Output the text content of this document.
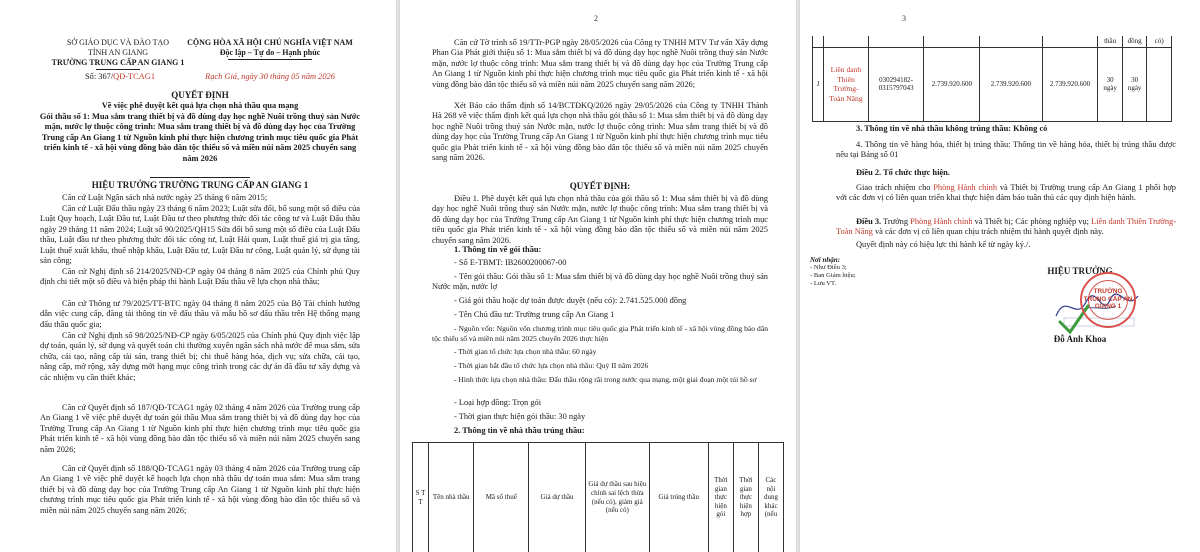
SỞ GIÁO DỤC VÀ ĐÀO TẠO
TỈNH AN GIANG
TRƯỜNG TRUNG CẤP AN GIANG 1
Số: 367/QĐ-TCAG1
CỘNG HÒA XÃ HỘI CHỦ NGHĨA VIỆT NAM
Độc lập – Tự do – Hạnh phúc
Rạch Giá, ngày 30 tháng 05 năm 2026
QUYẾT ĐỊNH
Về việc phê duyệt kết quả lựa chọn nhà thầu qua mạng
Gói thầu số 1: Mua sắm trang thiết bị và đồ dùng dạy học nghề Nuôi trồng thuỷ sản Nước mặn, nước lợ thuộc công trình: Mua sắm trang thiết bị và đồ dùng dạy học của Trường Trung cấp An Giang 1 từ Nguồn kinh phí thực hiện chương trình mục tiêu quốc gia Phát triển kinh tế - xã hội vùng đồng bào dân tộc thiểu số và miền núi năm 2025 chuyển sang năm 2026
HIỆU TRƯỞNG TRƯỜNG TRUNG CẤP AN GIANG 1
Căn cứ Luật Ngân sách nhà nước ngày 25 tháng 6 năm 2015;
Căn cứ Luật Đấu thầu ngày 23 tháng 6 năm 2023; Luật sửa đổi, bổ sung một số điều của Luật Quy hoạch, Luật Đầu tư, Luật Đầu tư theo phương thức đối tác công tư và Luật Đấu thầu ngày 29 tháng 11 năm 2024; Luật số 90/2025/QH15 Sửa đổi bổ sung một số điều của Luật Đấu thầu, Luật đầu tư theo phương thức đối tác công tư, Luật Hải quan, Luật thuế giá trị gia tăng, Luật thuế xuất khẩu, thuế nhập khẩu, Luật Đầu tư, Luật Đầu tư công, Luật quản lý, sử dụng tài sản công;
Căn cứ Nghị định số 214/2025/NĐ-CP ngày 04 tháng 8 năm 2025 của Chính phủ Quy định chi tiết một số điều và biện pháp thi hành Luật Đấu thầu về lựa chọn nhà thầu;
Căn cứ Thông tư 79/2025/TT-BTC ngày 04 tháng 8 năm 2025 của Bộ Tài chính hướng dẫn việc cung cấp, đăng tải thông tin về đấu thầu và mẫu hồ sơ đấu thầu trên Hệ thống mạng đấu thầu quốc gia;
Căn cứ Nghị định số 98/2025/NĐ-CP ngày 6/05/2025 của Chính phủ Quy định việc lập dự toán, quản lý, sử dụng và quyết toán chi thường xuyên ngân sách nhà nước để mua sắm, sửa chữa, cải tạo, nâng cấp tài sản, trang thiết bị; chi thuê hàng hóa, dịch vụ; sửa chữa, cải tạo, nâng cấp, mở rộng, xây dựng mới hạng mục công trình trong các dự án đã đầu tư xây dựng và các nhiệm vụ cần thiết khác;
Căn cứ Quyết định số 187/QĐ-TCAG1 ngày 02 tháng 4 năm 2026 của Trường trung cấp An Giang 1 về việc phê duyệt dự toán gói thầu Mua sắm trang thiết bị và đồ dùng dạy học của Trường Trung cấp An Giang 1 từ Nguồn kinh phí thực hiện chương trình mục tiêu quốc gia Phát triển kinh tế - xã hội vùng đồng bào dân tộc thiểu số và miền núi năm 2025 chuyển sang năm 2026;
Căn cứ Quyết định số 188/QĐ-TCAG1 ngày 03 tháng 4 năm 2026 của Trường trung cấp An Giang 1 về việc phê duyệt kế hoạch lựa chọn nhà thầu dự toán mua sắm: Mua sắm trang thiết bị và đồ dùng dạy học của Trường Trung cấp An Giang 1 từ Nguồn kinh phí thực hiện chương trình mục tiêu quốc gia Phát triển kinh tế - xã hội vùng đồng bào dân tộc thiểu số và miền núi năm 2025 chuyển sang năm 2026;
2
Căn cứ Tờ trình số 19/TTr-PGP ngày 28/05/2026 của Công ty TNHH MTV Tư vấn Xây dựng Phan Gia Phát giới thiệu số 1: Mua sắm thiết bị và đồ dùng dạy học nghề Nuôi trồng thuỷ sản Nước mặn, nước lợ thuộc công trình: Mua sắm trang thiết bị và đồ dùng dạy học của Trường Trung cấp An Giang 1 từ Nguồn kinh phí thực hiện chương trình mục tiêu quốc gia Phát triển kinh tế - xã hội vùng đồng bào dân tộc thiểu số và miền núi năm 2025 chuyển sang năm 2026;
Xét Báo cáo thẩm định số 14/BCTĐKQ/2026 ngày 29/05/2026 của Công ty TNHH Thành Hà 268 về việc thẩm định kết quả lựa chọn nhà thầu gói thầu số 1: Mua sắm thiết bị và đồ dùng dạy học nghề Nuôi trồng thuỷ sản Nước mặn, nước lợ thuộc công trình: Mua sắm trang thiết bị và đồ dùng dạy học của Trường Trung cấp An Giang 1 từ Nguồn kinh phí thực hiện chương trình mục tiêu quốc gia Phát triển kinh tế - xã hội vùng đồng bào dân tộc thiểu số và miền núi năm 2025 chuyển sang năm 2026.
QUYẾT ĐỊNH:
Điều 1. Phê duyệt kết quả lựa chọn nhà thầu của gói thầu số 1: Mua sắm thiết bị và đồ dùng dạy học nghề Nuôi trồng thuỷ sản Nước mặn, nước lợ thuộc công trình: Mua sắm trang thiết bị và đồ dùng dạy học của Trường Trung cấp An Giang 1 từ Nguồn kinh phí thực hiện chương trình mục tiêu quốc gia Phát triển kinh tế - xã hội vùng đồng bào dân tộc thiểu số và miền núi năm 2025 chuyển sang năm 2026.
1. Thông tin về gói thầu:
- Số E-TBMT: IB2600200067-00
- Tên gói thầu: Gói thầu số 1: Mua sắm thiết bị và đồ dùng dạy học nghề Nuôi trồng thuỷ sản Nước mặn, nước lợ
- Giá gói thầu hoặc dự toán được duyệt (nếu có): 2.741.525.000 đồng
- Tên Chủ đầu tư: Trường trung cấp An Giang 1
- Nguồn vốn: Nguồn vốn chương trình mục tiêu quốc gia Phát triển kinh tế - xã hội vùng đồng bào dân tộc thiểu số và miền núi năm 2025 chuyển 2026 thực hiện
- Thời gian tổ chức lựa chọn nhà thầu: 60 ngày
- Thời gian bắt đầu tổ chức lựa chọn nhà thầu: Quý II năm 2026
- Hình thức lựa chọn nhà thầu: Đấu thầu rộng rãi trong nước qua mạng, một giai đoạn một túi hồ sơ
- Loại hợp đồng: Trọn gói
- Thời gian thực hiện gói thầu: 30 ngày
2. Thông tin về nhà thầu trúng thầu:
S T T	Tên nhà thầu	Mã số thuế	Giá dự thầu	Giá dự thầu sau hiệu chỉnh sai lệch thừa (nếu có), giảm giá (nếu có)	Giá trúng thầu	Thời gian thực hiện gói	Thời gian thực hiện hợp	Các nội dung khác (nếu
3
						thầu	đồng	có)
1	Liên danh Thiên Trường-Toàn Năng	030294182-0315797043	2.739.920.600	2.739.920.600	2.739.920.600	30 ngày	30 ngày	
3. Thông tin về nhà thầu không trúng thầu: Không có
4. Thông tin về hàng hóa, thiết bị trúng thầu: Thông tin về hàng hóa, thiết bị trúng thầu được nêu tại Bảng số 01
Điều 2. Tổ chức thực hiện.
Giao trách nhiệm cho Phòng Hành chính và Thiết bị Trường trung cấp An Giang 1 phối hợp với các đơn vị có liên quan triển khai thực hiện đảm bảo tuân thủ các quy định hiện hành.
Điều 3. Trưởng Phòng Hành chính và Thiết bị; Các phòng nghiệp vụ; Liên danh Thiên Trường-Toàn Năng và các đơn vị có liên quan chịu trách nhiệm thi hành quyết định này.
Quyết định này có hiệu lực thi hành kể từ ngày ký./.
Nơi nhận:
- Như Điều 3;
- Ban Giám hiệu;
- Lưu VT.
HIỆU TRƯỞNG
Đỗ Anh Khoa
TRƯỜNG TRUNG CẤP AN GIANG 1
